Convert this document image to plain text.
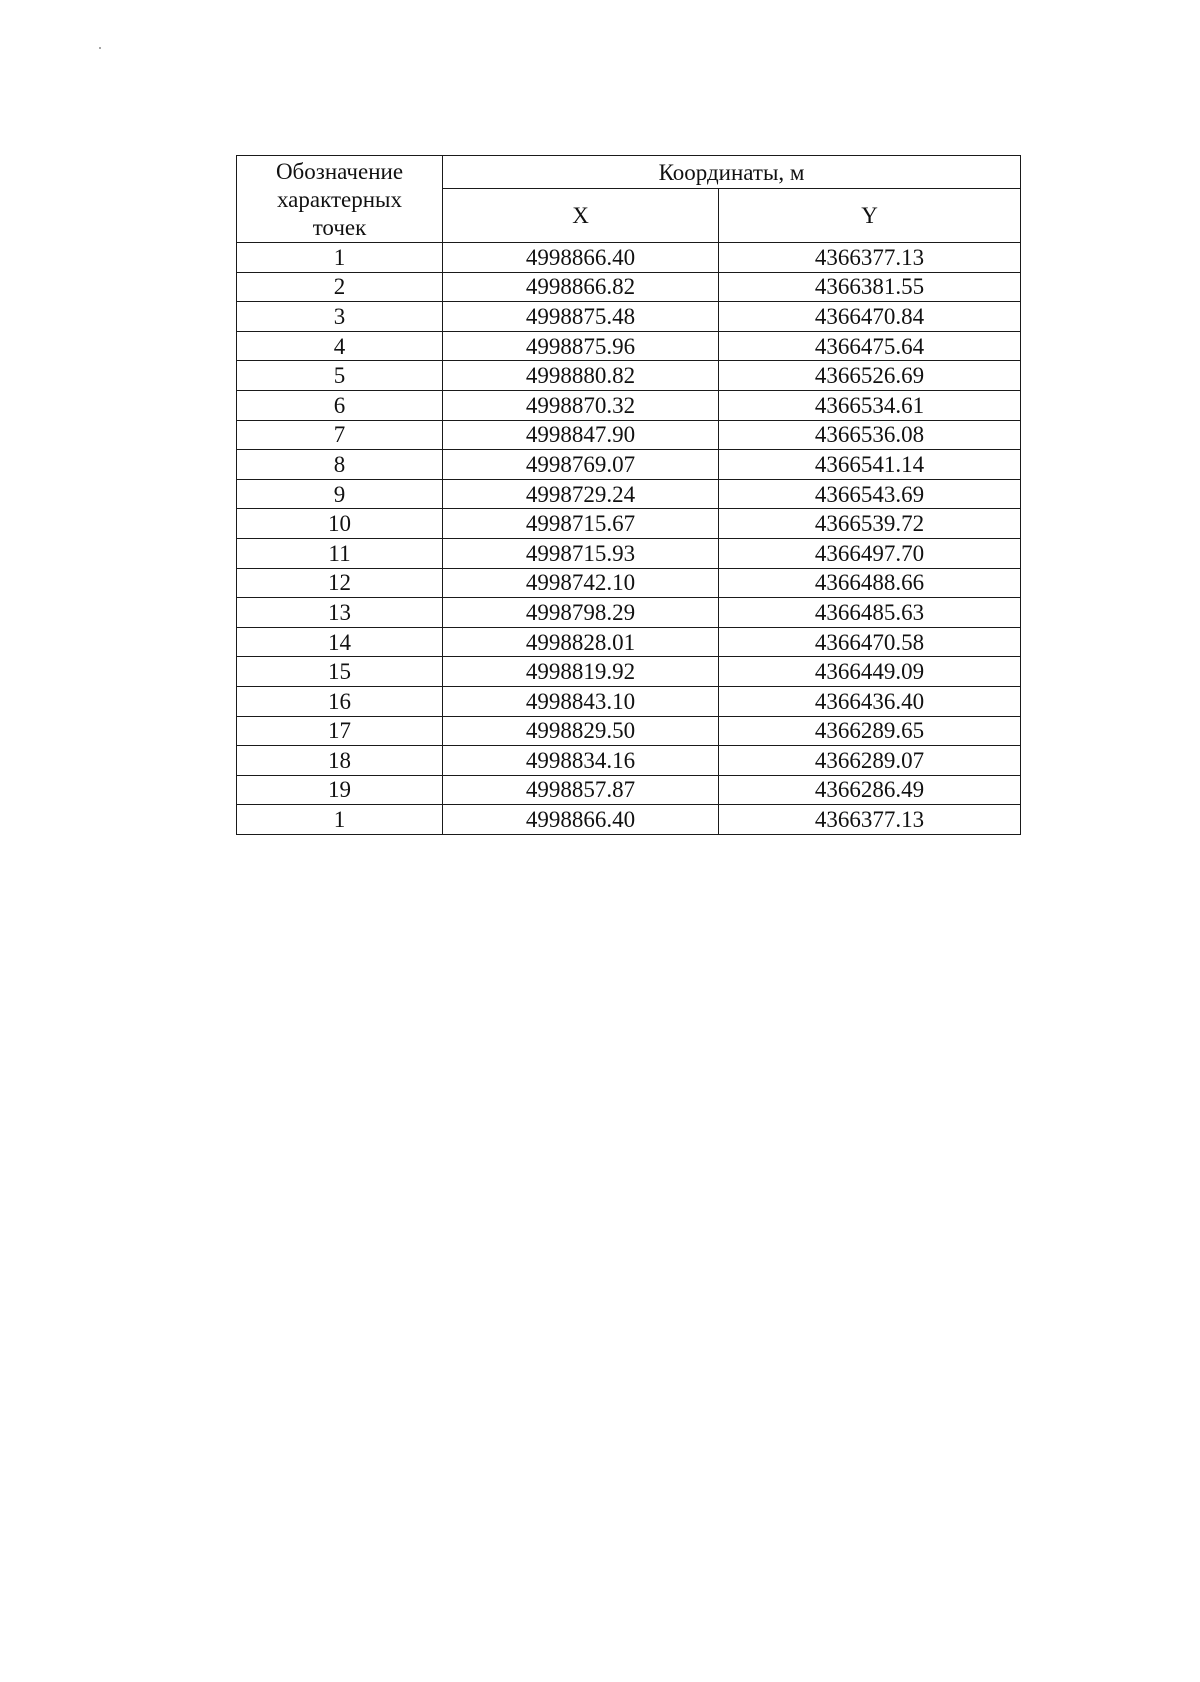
Обозначение
характерных
точек	Координаты, м	
	X	Y
1	4998866.40	4366377.13
2	4998866.82	4366381.55
3	4998875.48	4366470.84
4	4998875.96	4366475.64
5	4998880.82	4366526.69
6	4998870.32	4366534.61
7	4998847.90	4366536.08
8	4998769.07	4366541.14
9	4998729.24	4366543.69
10	4998715.67	4366539.72
11	4998715.93	4366497.70
12	4998742.10	4366488.66
13	4998798.29	4366485.63
14	4998828.01	4366470.58
15	4998819.92	4366449.09
16	4998843.10	4366436.40
17	4998829.50	4366289.65
18	4998834.16	4366289.07
19	4998857.87	4366286.49
1	4998866.40	4366377.13
